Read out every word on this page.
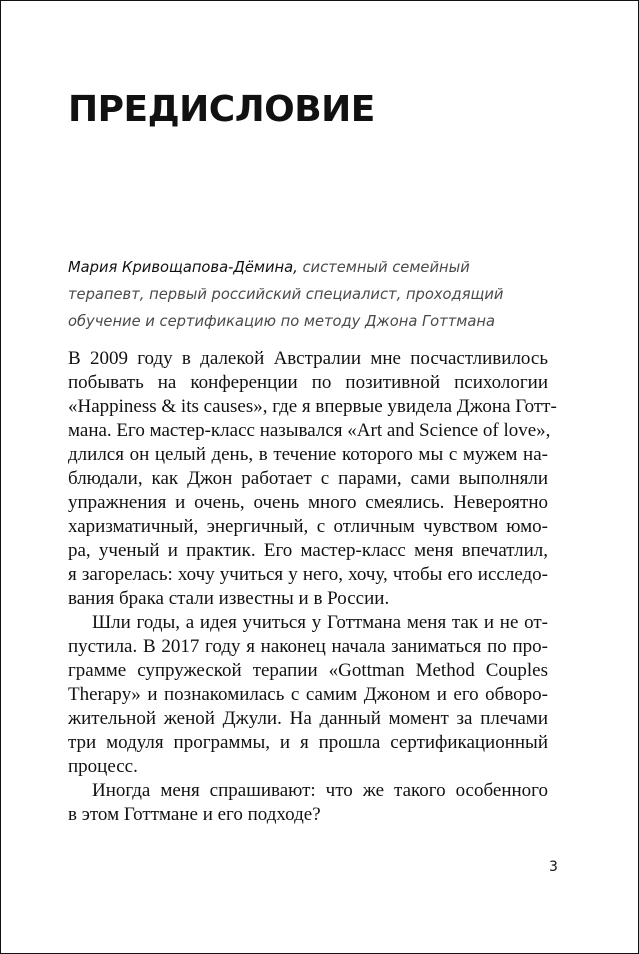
ПРЕДИСЛОВИЕ
Мария Кривощапова-Дёмина, системный семейный
терапевт, первый российский специалист, проходящий
обучение и сертификацию по методу Джона Готтмана
В 2009 году в далекой Австралии мне посчастливилось
побывать на конференции по позитивной психологии
«Happiness & its causes», где я впервые увидела Джона Готт-
мана. Его мастер-класс назывался «Art and Science of love»,
длился он целый день, в течение которого мы с мужем на-
блюдали, как Джон работает с парами, сами выполняли
упражнения и очень, очень много смеялись. Невероятно
харизматичный, энергичный, с отличным чувством юмо-
ра, ученый и практик. Его мастер-класс меня впечатлил,
я загорелась: хочу учиться у него, хочу, чтобы его исследо-
вания брака стали известны и в России.
Шли годы, а идея учиться у Готтмана меня так и не от-
пустила. В 2017 году я наконец начала заниматься по про-
грамме супружеской терапии «Gottman Method Couples
Therapy» и познакомилась с самим Джоном и его обворо-
жительной женой Джули. На данный момент за плечами
три модуля программы, и я прошла сертификационный
процесс.
Иногда меня спрашивают: что же такого особенного
в этом Готтмане и его подходе?
3
